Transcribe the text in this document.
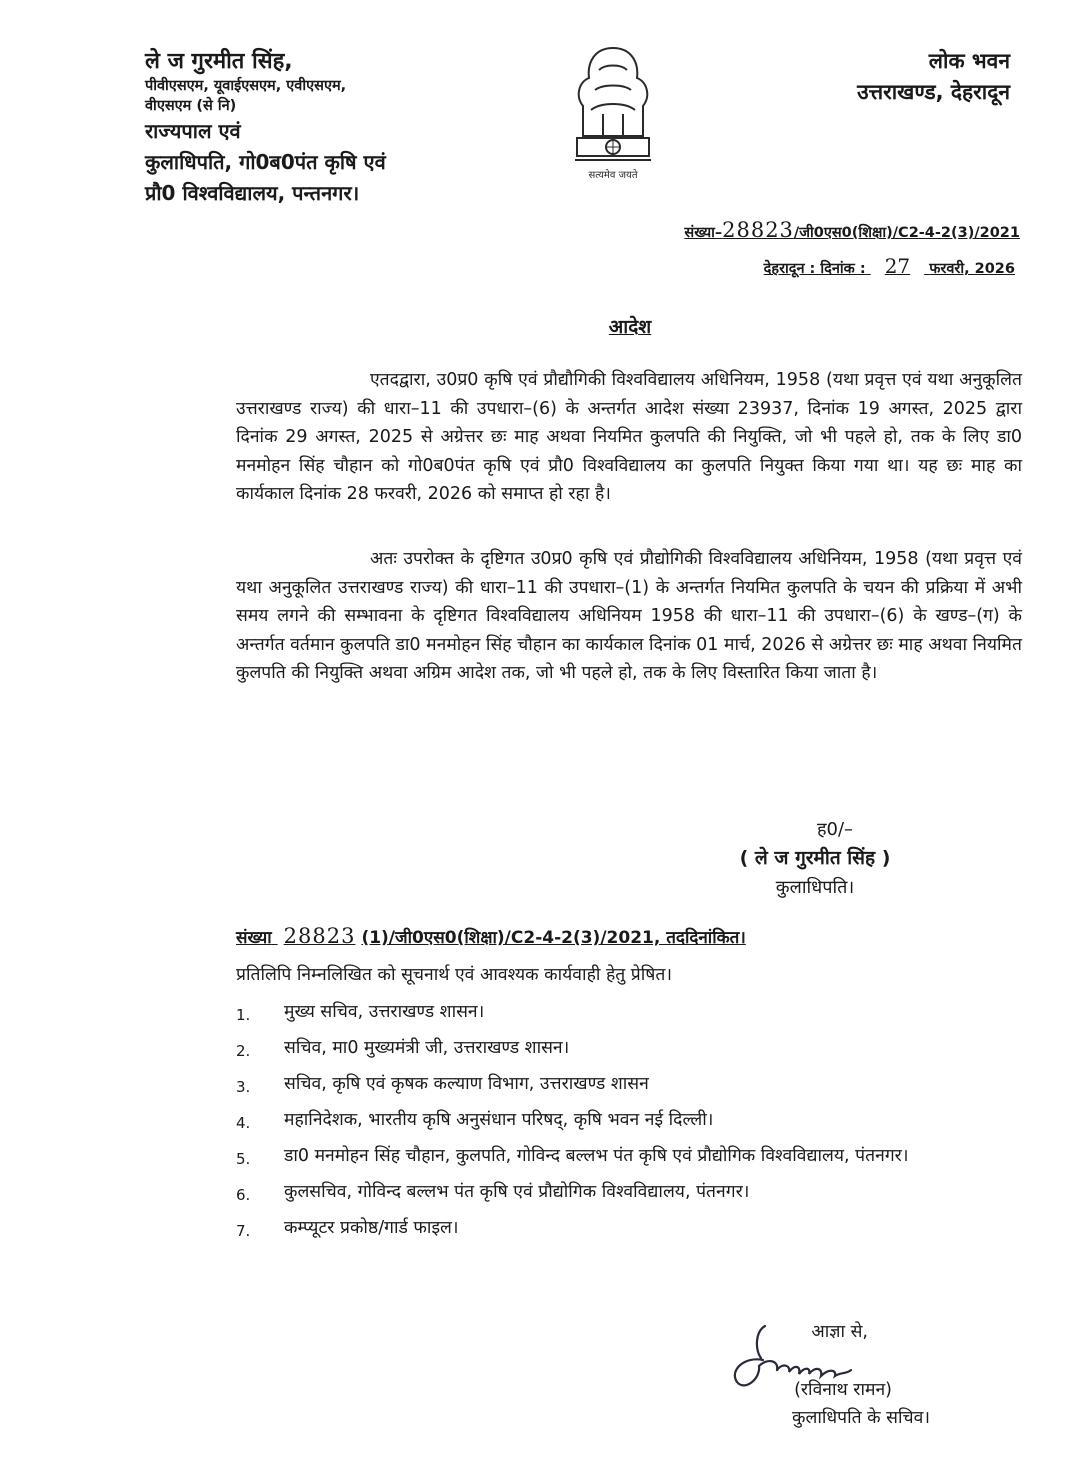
ले ज गुरमीत सिंह,
पीवीएसएम, यूवाईएसएम, एवीएसएम,
वीएसएम (से नि)
राज्यपाल एवं
कुलाधिपति, गो0ब0पंत कृषि एवं
प्रौ0 विश्वविद्यालय, पन्तनगर।
सत्यमेव जयते
लोक भवन
उत्तराखण्ड, देहरादून
संख्या–28823/जी0एस0(शिक्षा)/C2-4-2(3)/2021
देहरादून : दिनांक : 27 फरवरी, 2026
आदेश

एतदद्वारा, उ0प्र0 कृषि एवं प्रौद्यौगिकी विश्वविद्यालय अधिनियम, 1958 (यथा प्रवृत्त एवं यथा अनुकूलित उत्तराखण्ड राज्य) की धारा–11 की उपधारा–(6) के अन्तर्गत आदेश संख्या 23937, दिनांक 19 अगस्त, 2025 द्वारा दिनांक 29 अगस्त, 2025 से अग्रेत्तर छः माह अथवा नियमित कुलपति की नियुक्ति, जो भी पहले हो, तक के लिए डा0 मनमोहन सिंह चौहान को गो0ब0पंत कृषि एवं प्रौ0 विश्वविद्यालय का कुलपति नियुक्त किया गया था। यह छः माह का कार्यकाल दिनांक 28 फरवरी, 2026 को समाप्त हो रहा है।

अतः उपरोक्त के दृष्टिगत उ0प्र0 कृषि एवं प्रौद्योगिकी विश्वविद्यालय अधिनियम, 1958 (यथा प्रवृत्त एवं यथा अनुकूलित उत्तराखण्ड राज्य) की धारा–11 की उपधारा–(1) के अन्तर्गत नियमित कुलपति के चयन की प्रक्रिया में अभी समय लगने की सम्भावना के दृष्टिगत विश्वविद्यालय अधिनियम 1958 की धारा–11 की उपधारा–(6) के खण्ड–(ग) के अन्तर्गत वर्तमान कुलपति डा0 मनमोहन सिंह चौहान का कार्यकाल दिनांक 01 मार्च, 2026 से अग्रेत्तर छः माह अथवा नियमित कुलपति की नियुक्ति अथवा अग्रिम आदेश तक, जो भी पहले हो, तक के लिए विस्तारित किया जाता है।

ह0/–
( ले ज गुरमीत सिंह )
कुलाधिपति।
संख्या 28823 (1)/जी0एस0(शिक्षा)/C2-4-2(3)/2021, तददिनांकित।
प्रतिलिपि निम्नलिखित को सूचनार्थ एवं आवश्यक कार्यवाही हेतु प्रेषित।
1.	मुख्य सचिव, उत्तराखण्ड शासन।
2.	सचिव, मा0 मुख्यमंत्री जी, उत्तराखण्ड शासन।
3.	सचिव, कृषि एवं कृषक कल्याण विभाग, उत्तराखण्ड शासन
4.	महानिदेशक, भारतीय कृषि अनुसंधान परिषद्, कृषि भवन नई दिल्ली।
5.	डा0 मनमोहन सिंह चौहान, कुलपति, गोविन्द बल्लभ पंत कृषि एवं प्रौद्योगिक विश्वविद्यालय, पंतनगर।
6.	कुलसचिव, गोविन्द बल्लभ पंत कृषि एवं प्रौद्योगिक विश्वविद्यालय, पंतनगर।
7.	कम्प्यूटर प्रकोष्ठ/गार्ड फाइल।
आज्ञा से,
(रविनाथ रामन)
कुलाधिपति के सचिव।
